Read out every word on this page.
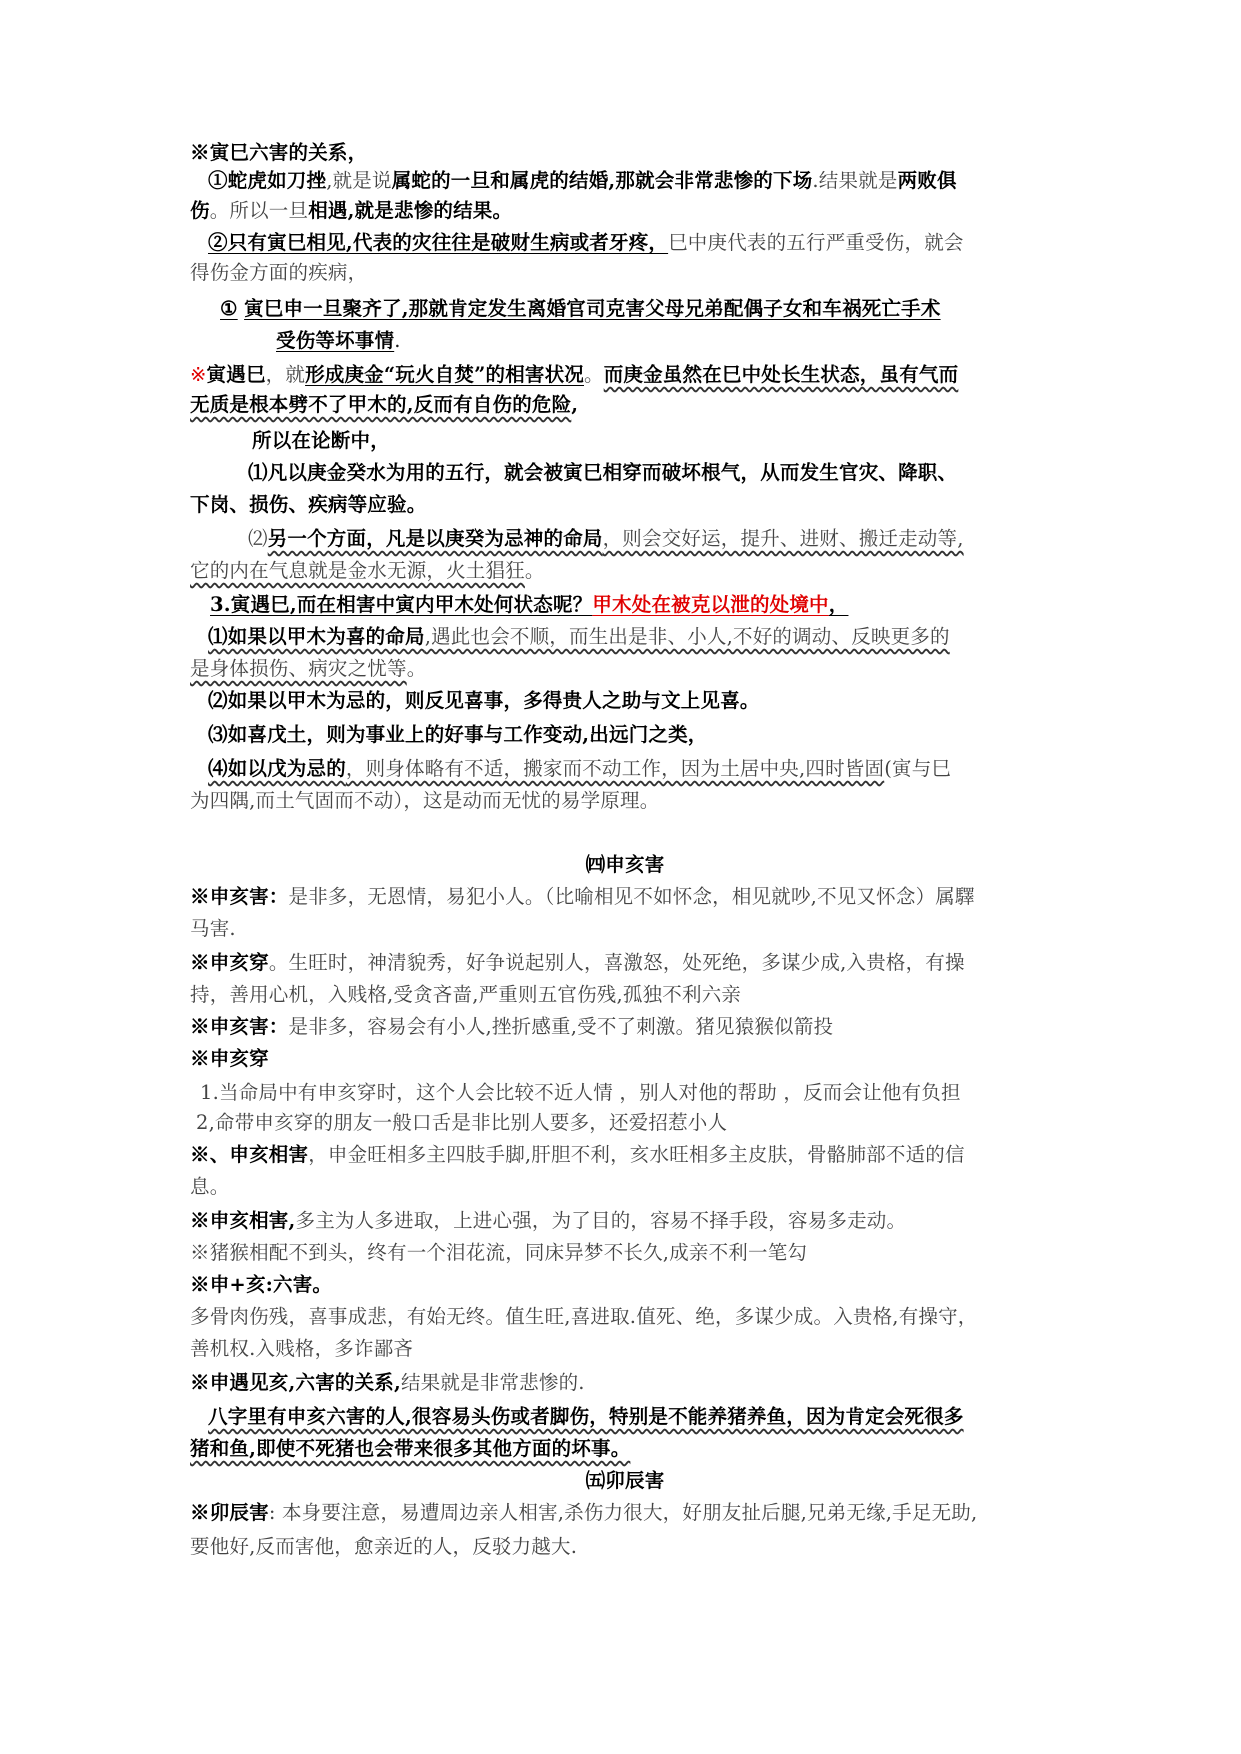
※寅巳六害的关系，
①蛇虎如刀挫,就是说属蛇的一旦和属虎的结婚,那就会非常悲惨的下场.结果就是两败俱
伤。所以一旦相遇,就是悲惨的结果。
②只有寅巳相见,代表的灾往往是破财生病或者牙疼，巳中庚代表的五行严重受伤，就会
得伤金方面的疾病，
① 寅巳申一旦聚齐了,那就肯定发生离婚官司克害父母兄弟配偶子女和车祸死亡手术
受伤等坏事情.
※寅遇巳，就形成庚金“玩火自焚”的相害状况。而庚金虽然在巳中处长生状态，虽有气而
无质是根本劈不了甲木的,反而有自伤的危险,
所以在论断中，
⑴凡以庚金癸水为用的五行，就会被寅巳相穿而破坏根气，从而发生官灾、降职、
下岗、损伤、疾病等应验。
⑵另一个方面，凡是以庚癸为忌神的命局，则会交好运，提升、进财、搬迁走动等,
它的内在气息就是金水无源，火土猖狂。
3.寅遇巳,而在相害中寅内甲木处何状态呢？甲木处在被克以泄的处境中，
⑴如果以甲木为喜的命局,遇此也会不顺，而生出是非、小人,不好的调动、反映更多的
是身体损伤、病灾之忧等。
⑵如果以甲木为忌的，则反见喜事，多得贵人之助与文上见喜。
⑶如喜戊土，则为事业上的好事与工作变动,出远门之类，
⑷如以戊为忌的，则身体略有不适，搬家而不动工作，因为土居中央,四时皆固(寅与巳
为四隅,而土气固而不动），这是动而无忧的易学原理。
㈣申亥害
※申亥害：是非多，无恩情，易犯小人。（比喻相见不如怀念，相见就吵,不见又怀念）属驛
马害.
※申亥穿。生旺时，神清貌秀，好争说起别人，喜激怒，处死绝，多谋少成,入贵格，有操
持，善用心机，入贱格,受贪吝啬,严重则五官伤残,孤独不利六亲
※申亥害：是非多，容易会有小人,挫折感重,受不了刺激。猪见猿猴似箭投
※申亥穿
1.当命局中有申亥穿时，这个人会比较不近人情 ，别人对他的帮助 ，反而会让他有负担
2,命带申亥穿的朋友一般口舌是非比别人要多，还爱招惹小人
※、申亥相害，申金旺相多主四肢手脚,肝胆不利，亥水旺相多主皮肤，骨骼肺部不适的信
息。
※申亥相害,多主为人多进取，上进心强，为了目的，容易不择手段，容易多走动。
※猪猴相配不到头，终有一个泪花流，同床异梦不长久,成亲不利一笔勾
※申+亥:六害。
多骨肉伤残，喜事成悲，有始无终。值生旺,喜进取.值死、绝，多谋少成。入贵格,有操守，
善机权.入贱格，多诈鄙吝
※申遇见亥,六害的关系,结果就是非常悲惨的.
八字里有申亥六害的人,很容易头伤或者脚伤，特别是不能养猪养鱼，因为肯定会死很多
猪和鱼,即使不死猪也会带来很多其他方面的坏事。
㈤卯辰害
※卯辰害: 本身要注意，易遭周边亲人相害,杀伤力很大，好朋友扯后腿,兄弟无缘,手足无助,
要他好,反而害他，愈亲近的人，反驳力越大.
